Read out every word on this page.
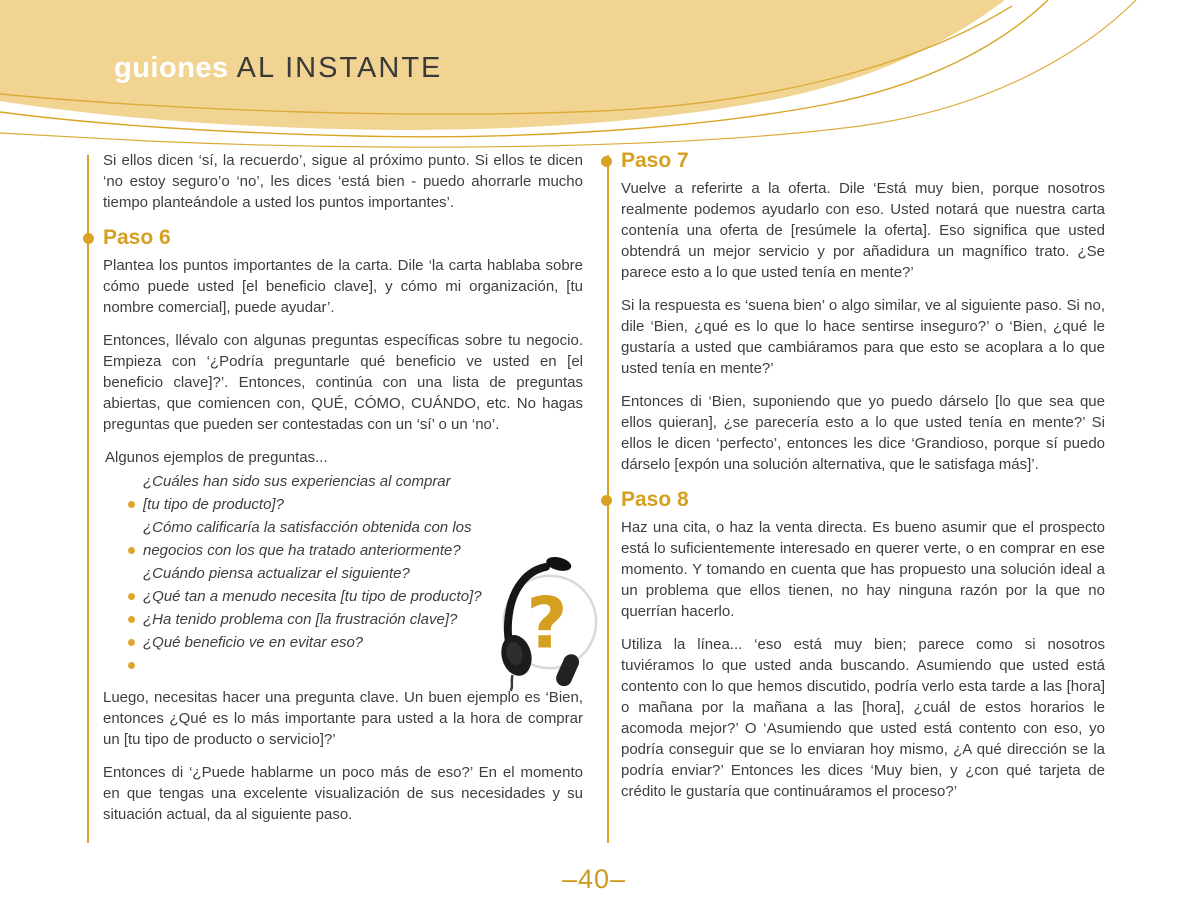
guiones AL INSTANTE

Si ellos dicen ‘sí, la recuerdo’, sigue al próximo punto. Si ellos te dicen ‘no estoy seguro’o ‘no’, les dices ‘está bien - puedo ahorrarle mucho tiempo planteándole a usted los puntos importantes’.

Paso 6

Plantea los puntos importantes de la carta. Dile ‘la carta hablaba sobre cómo puede usted [el beneficio clave], y cómo mi organización, [tu nombre comercial], puede ayudar’.

Entonces, llévalo con algunas preguntas específicas sobre tu negocio. Empieza con ‘¿Podría preguntarle qué beneficio ve usted en [el beneficio clave]?’. Entonces, continúa con una lista de preguntas abiertas, que comiencen con, QUÉ, CÓMO, CUÁNDO, etc. No hagas preguntas que pueden ser contestadas con un ‘sí’ o un ‘no’.

Algunos ejemplos de preguntas...

¿Cuáles han sido sus experiencias al comprar
[tu tipo de producto]?
¿Cómo calificaría la satisfacción obtenida con los
negocios con los que ha tratado anteriormente?
¿Cuándo piensa actualizar el siguiente?
¿Qué tan a menudo necesita [tu tipo de producto]?
¿Ha tenido problema con [la frustración clave]?
¿Qué beneficio ve en evitar eso?

Luego, necesitas hacer una pregunta clave. Un buen ejemplo es ‘Bien, entonces ¿Qué es lo más importante para usted a la hora de comprar un [tu tipo de producto o servicio]?’

Entonces di ‘¿Puede hablarme un poco más de eso?’ En el momento en que tengas una excelente visualización de sus necesidades y su situación actual, da al siguiente paso.

?
Paso 7

Vuelve a referirte a la oferta. Dile ‘Está muy bien, porque nosotros realmente podemos ayudarlo con eso. Usted notará que nuestra carta contenía una oferta de [resúmele la oferta]. Eso significa que usted obtendrá un mejor servicio y por añadidura un magnífico trato. ¿Se parece esto a lo que usted tenía en mente?’

Si la respuesta es ‘suena bien’ o algo similar, ve al siguiente paso. Si no, dile ‘Bien, ¿qué es lo que lo hace sentirse inseguro?’ o ‘Bien, ¿qué le gustaría a usted que cambiáramos para que esto se acoplara a lo que usted tenía en mente?’

Entonces di ‘Bien, suponiendo que yo puedo dárselo [lo que sea que ellos quieran], ¿se parecería esto a lo que usted tenía en mente?’ Si ellos le dicen ‘perfecto’, entonces les dice ‘Grandioso, porque sí puedo dárselo [expón una solución alternativa, que le satisfaga más]’.

Paso 8

Haz una cita, o haz la venta directa. Es bueno asumir que el prospecto está lo suficientemente interesado en querer verte, o en comprar en ese momento. Y tomando en cuenta que has propuesto una solución ideal a un problema que ellos tienen, no hay ninguna razón por la que no querrían hacerlo.

Utiliza la línea... ‘eso está muy bien; parece como si nosotros tuviéramos lo que usted anda buscando. Asumiendo que usted está contento con lo que hemos discutido, podría verlo esta tarde a las [hora] o mañana por la mañana a las [hora], ¿cuál de estos horarios le acomoda mejor?’ O ‘Asumiendo que usted está contento con eso, yo podría conseguir que se lo enviaran hoy mismo, ¿A qué dirección se la podría enviar?’ Entonces les dices ‘Muy bien, y ¿con qué tarjeta de crédito le gustaría que continuáramos el proceso?’

–40–
